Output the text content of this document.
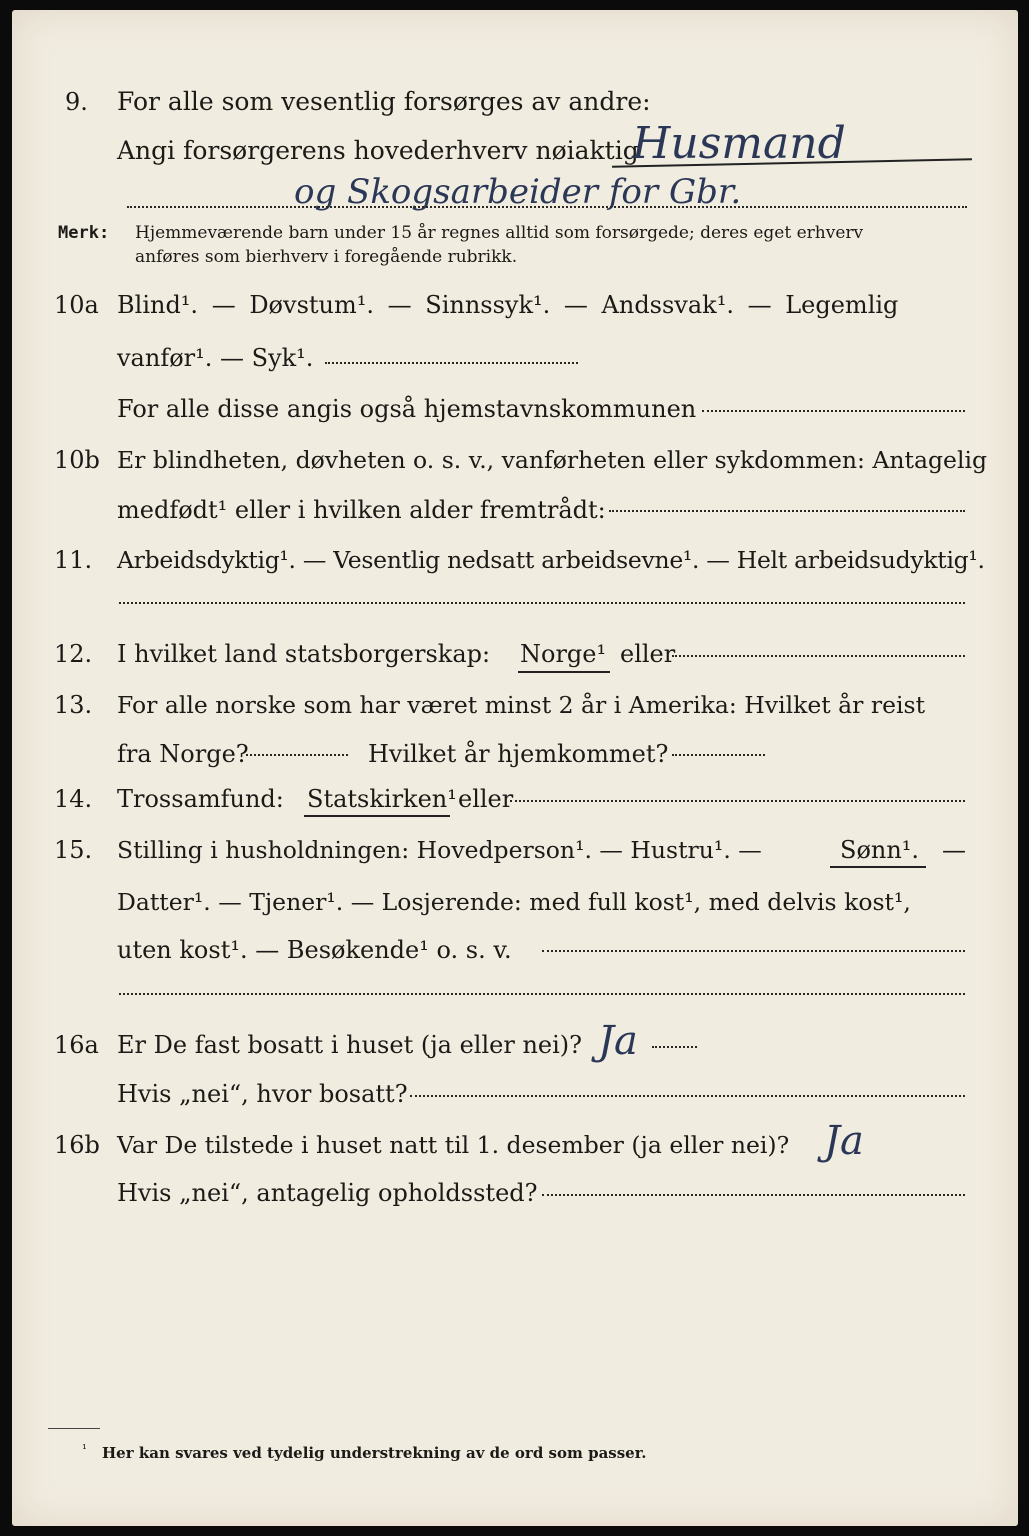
9. For alle som vesentlig forsørges av andre:
Angi forsørgerens hovederhverv nøiaktig
Husmand
og Skogsarbeider for Gbr.
Merk: Hjemmeværende barn under 15 år regnes alltid som forsørgede; deres eget erhverv
anføres som bierhverv i foregående rubrikk.
10a Blind¹. — Døvstum¹. — Sinnssyk¹. — Andssvak¹. — Legemlig
vanfør¹. — Syk¹.
For alle disse angis også hjemstavnskommunen
10b Er blindheten, døvheten o. s. v., vanførheten eller sykdommen: Antagelig
medfødt¹ eller i hvilken alder fremtrådt:
11. Arbeidsdyktig¹. — Vesentlig nedsatt arbeidsevne¹. — Helt arbeidsudyktig¹.
12. I hvilket land statsborgerskap: Norge¹ eller
13. For alle norske som har været minst 2 år i Amerika: Hvilket år reist
fra Norge?	Hvilket år hjemkommet?
14. Trossamfund: Statskirken¹ eller
15. Stilling i husholdningen: Hovedperson¹. — Hustru¹. —	Sønn¹. —
Datter¹. — Tjener¹. — Losjerende: med full kost¹, med delvis kost¹,
uten kost¹. — Besøkende¹ o. s. v.
16a Er De fast bosatt i huset (ja eller nei)? Ja
Hvis „nei“, hvor bosatt?
16b Var De tilstede i huset natt til 1. desember (ja eller nei)? Ja
Hvis „nei“, antagelig opholdssted?
¹ Her kan svares ved tydelig understrekning av de ord som passer.
